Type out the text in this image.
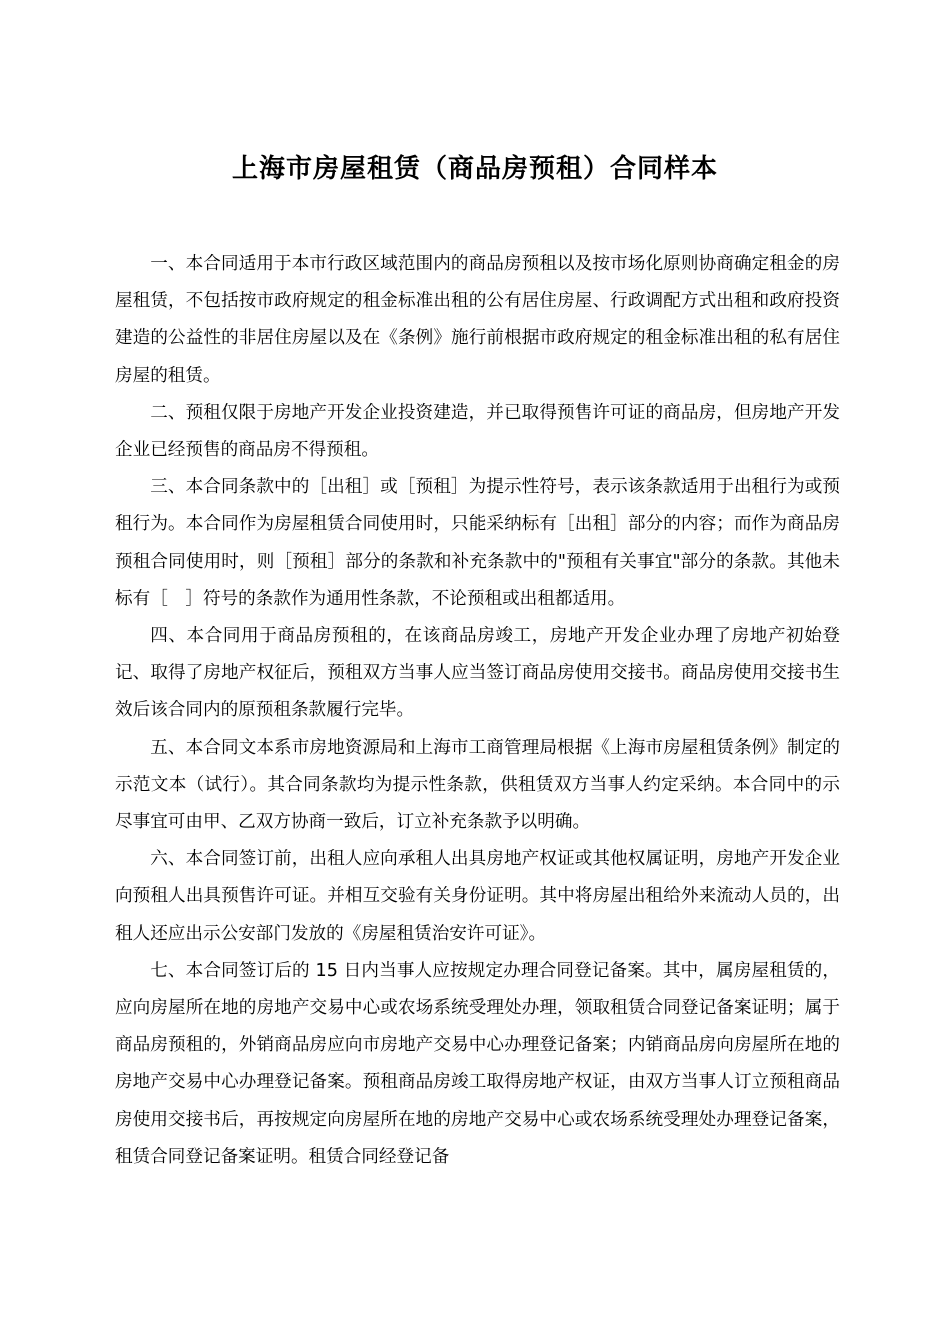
上海市房屋租赁（商品房预租）合同样本

一、本合同适用于本市行政区域范围内的商品房预租以及按市场化原则协商确定租金的房屋租赁，不包括按市政府规定的租金标准出租的公有居住房屋、行政调配方式出租和政府投资建造的公益性的非居住房屋以及在《条例》施行前根据市政府规定的租金标准出租的私有居住房屋的租赁。

二、预租仅限于房地产开发企业投资建造，并已取得预售许可证的商品房，但房地产开发企业已经预售的商品房不得预租。

三、本合同条款中的［出租］或［预租］为提示性符号，表示该条款适用于出租行为或预租行为。本合同作为房屋租赁合同使用时，只能采纳标有［出租］部分的内容；而作为商品房预租合同使用时，则［预租］部分的条款和补充条款中的"预租有关事宜"部分的条款。其他未标有［　］符号的条款作为通用性条款，不论预租或出租都适用。

四、本合同用于商品房预租的，在该商品房竣工，房地产开发企业办理了房地产初始登记、取得了房地产权征后，预租双方当事人应当签订商品房使用交接书。商品房使用交接书生效后该合同内的原预租条款履行完毕。

五、本合同文本系市房地资源局和上海市工商管理局根据《上海市房屋租赁条例》制定的示范文本（试行）。其合同条款均为提示性条款，供租赁双方当事人约定采纳。本合同中的示尽事宜可由甲、乙双方协商一致后，订立补充条款予以明确。

六、本合同签订前，出租人应向承租人出具房地产权证或其他权属证明，房地产开发企业向预租人出具预售许可证。并相互交验有关身份证明。其中将房屋出租给外来流动人员的，出租人还应出示公安部门发放的《房屋租赁治安许可证》。

七、本合同签订后的 15 日内当事人应按规定办理合同登记备案。其中，属房屋租赁的，应向房屋所在地的房地产交易中心或农场系统受理处办理，领取租赁合同登记备案证明；属于商品房预租的，外销商品房应向市房地产交易中心办理登记备案；内销商品房向房屋所在地的房地产交易中心办理登记备案。预租商品房竣工取得房地产权证，由双方当事人订立预租商品房使用交接书后，再按规定向房屋所在地的房地产交易中心或农场系统受理处办理登记备案，租赁合同登记备案证明。租赁合同经登记备
